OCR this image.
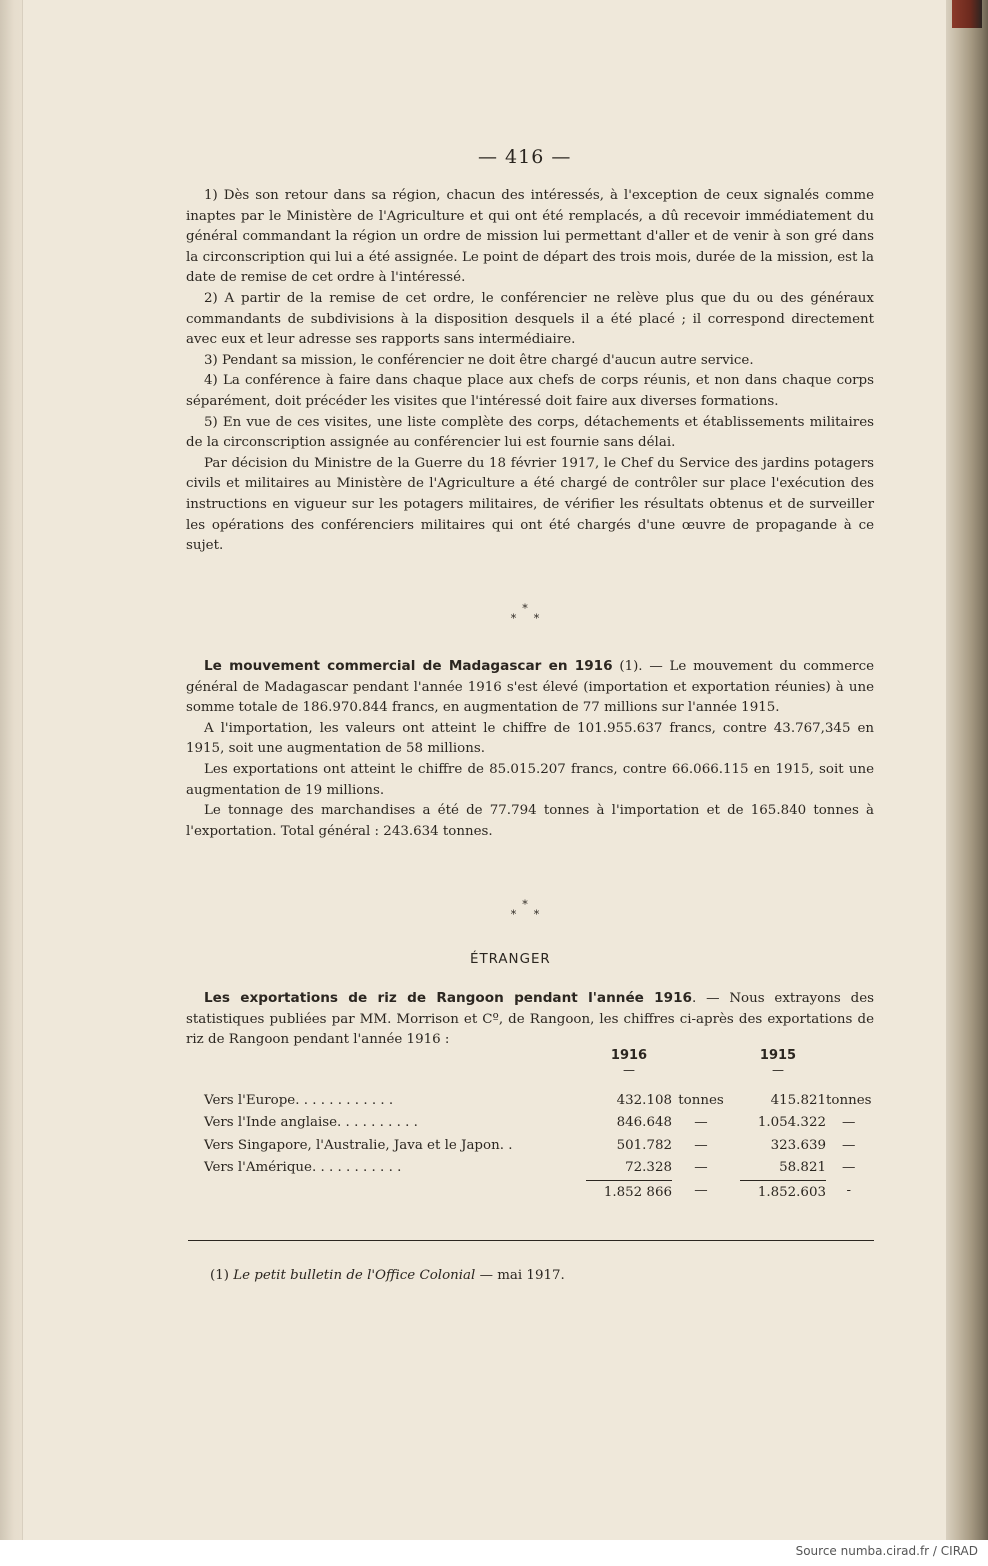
— 416 —

1) Dès son retour dans sa région, chacun des intéressés, à l'exception de ceux signalés comme inaptes par le Ministère de l'Agriculture et qui ont été remplacés, a dû recevoir immédiatement du général commandant la région un ordre de mission lui permettant d'aller et de venir à son gré dans la circonscription qui lui a été assignée. Le point de départ des trois mois, durée de la mission, est la date de remise de cet ordre à l'intéressé.

2) A partir de la remise de cet ordre, le conférencier ne relève plus que du ou des généraux commandants de subdivisions à la disposition desquels il a été placé ; il correspond directement avec eux et leur adresse ses rapports sans intermédiaire.

3) Pendant sa mission, le conférencier ne doit être chargé d'aucun autre service.

4) La conférence à faire dans chaque place aux chefs de corps réunis, et non dans chaque corps séparément, doit précéder les visites que l'intéressé doit faire aux diverses formations.

5) En vue de ces visites, une liste complète des corps, détachements et établissements militaires de la circonscription assignée au conférencier lui est fournie sans délai.

Par décision du Ministre de la Guerre du 18 février 1917, le Chef du Service des jardins potagers civils et militaires au Ministère de l'Agriculture a été chargé de contrôler sur place l'exécution des instructions en vigueur sur les potagers militaires, de vérifier les résultats obtenus et de surveiller les opérations des conférenciers militaires qui ont été chargés d'une œuvre de propagande à ce sujet.

*
* *

Le mouvement commercial de Madagascar en 1916 (1). — Le mouvement du commerce général de Madagascar pendant l'année 1916 s'est élevé (importation et exportation réunies) à une somme totale de 186.970.844 francs, en augmentation de 77 millions sur l'année 1915.

A l'importation, les valeurs ont atteint le chiffre de 101.955.637 francs, contre 43.767,345 en 1915, soit une augmentation de 58 millions.

Les exportations ont atteint le chiffre de 85.015.207 francs, contre 66.066.115 en 1915, soit une augmentation de 19 millions.

Le tonnage des marchandises a été de 77.794 tonnes à l'importation et de 165.840 tonnes à l'exportation. Total général : 243.634 tonnes.

*
* *
ÉTRANGER

Les exportations de riz de Rangoon pendant l'année 1916. — Nous extrayons des statistiques publiées par MM. Morrison et Cº, de Rangoon, les chiffres ci-après des exportations de riz de Rangoon pendant l'année 1916 :

	1916
—		1915
—	

Vers l'Europe. . . . . . . . . . . .	432.108	tonnes	415.821	tonnes
Vers l'Inde anglaise. . . . . . . . . .	846.648	—	1.054.322	—
Vers Singapore, l'Australie, Java et le Japon. .	501.782	—	323.639	—
Vers l'Amérique. . . . . . . . . . .	72.328	—	58.821	—
	1.852 866	—	1.852.603	-
(1) Le petit bulletin de l'Office Colonial — mai 1917.
Source numba.cirad.fr / CIRAD
